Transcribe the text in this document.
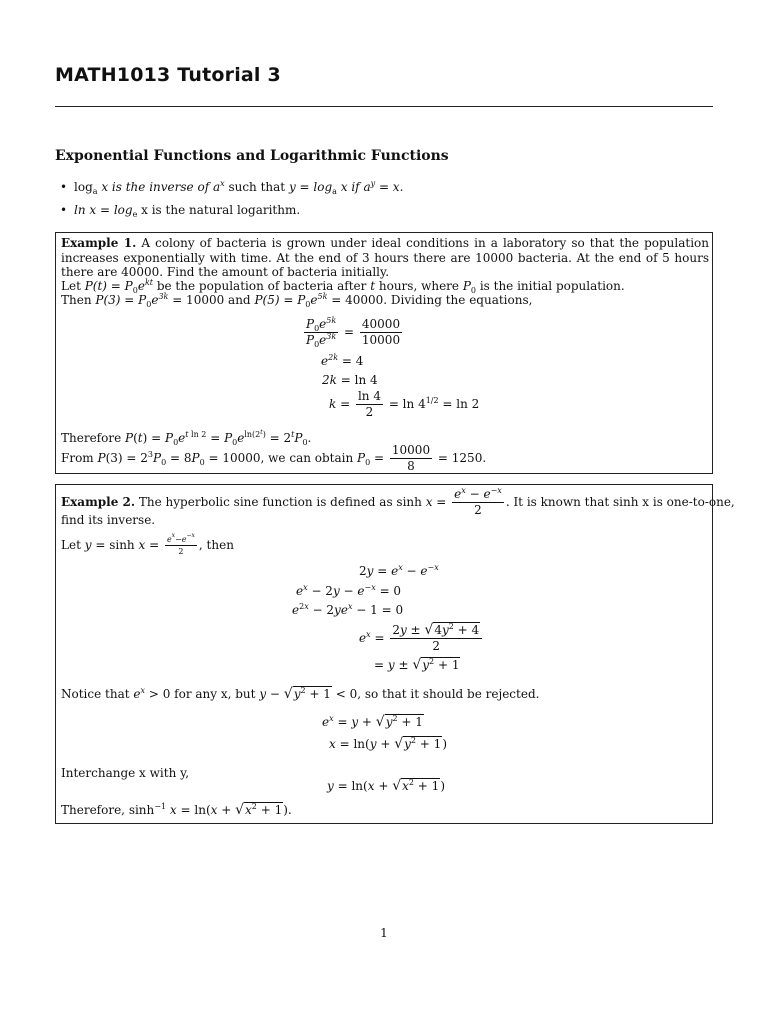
MATH1013 Tutorial 3
Exponential Functions and Logarithmic Functions

• $\log_a x$ is the inverse of $a^x$ such that $y = \log_a x$ if $a^y = x$.

• $\ln x = \log_e x$ is the natural logarithm.

Example 1. A colony of bacteria is grown under ideal conditions in a laboratory so that the population increases exponentially with time. At the end of 3 hours there are 10000 bacteria. At the end of 5 hours there are 40000. Find the amount of bacteria initially.
Let $P(t) = P_0e^{kt}$ be the population of bacteria after t hours, where $P_0$ is the initial population.
Then $P(3) = P_0e^{3k} = 10000$ and $P(5) = P_0e^{5k} = 40000$. Dividing the equations,
$\frac{P_0e^{5k}}{P_0e^{3k}} = \frac{40000}{10000}$
$e^{2k} = 4$
2k = ln 4
$k = \frac{\ln 4}{2} = \ln 4^{1/2} = \ln 2$
Therefore $P(t) = P_0e^{t ln 2} = P_0e^{ln(2^t)} = 2^tP_0$.
From $P(3) = 2^3P_0 = 8P_0 = 10000$, we can obtain $P_0 = \frac{10000}{8} = 1250$.
Example 2. The hyperbolic sine function is defined as $\sinh x = \frac{e^x - e^{-x}}{2}$ . It is known that sinh x is one-to-one,
find its inverse.
Let $y = \sinh x = \frac{e^x-e^{-x}}{2}$ , then
$2y = e^x - e^{-x}$
$e^x - 2y - e^{-x} = 0$
$e^{2x} - 2ye^x - 1 = 0$
$e^x = \frac{2y \pm √4y^2 + 4}{2}$
= $y \pm √y^2 + 1$
Notice that $e^x > 0$ for any x, but $y - √y^2 + 1 < 0$, so that it should be rejected.
$e^x = y + √y^2 + 1$
$x = \ln(y + √y^2 + 1)$
Interchange x with y,
$y = \ln(x + √x^2 + 1)$
Therefore, $\sinh^{-1} x = \ln(x + √x^2 + 1)$.
1
